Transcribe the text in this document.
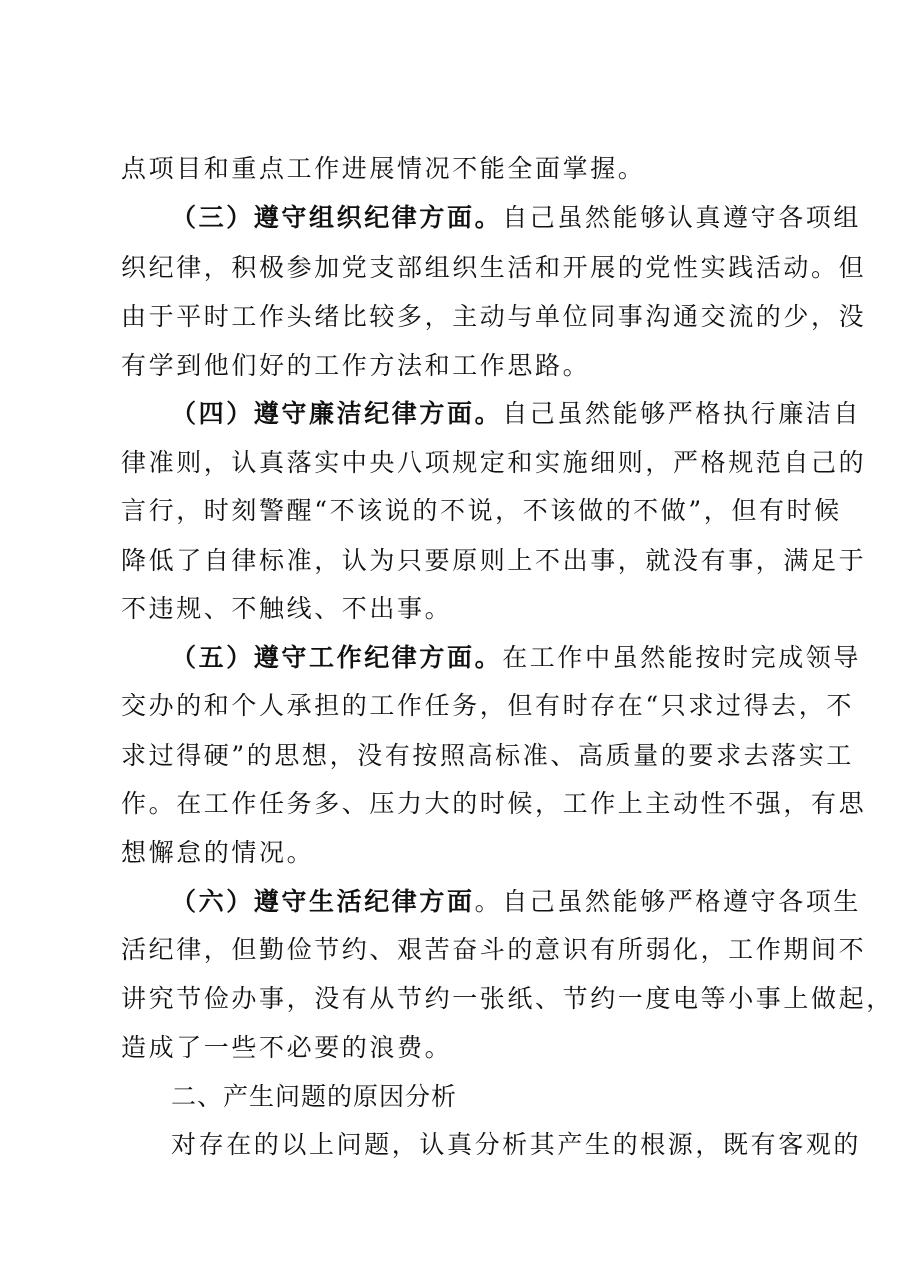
点项目和重点工作进展情况不能全面掌握。
（三）遵守组织纪律方面。自己虽然能够认真遵守各项组
织纪律，积极参加党支部组织生活和开展的党性实践活动。但
由于平时工作头绪比较多，主动与单位同事沟通交流的少，没
有学到他们好的工作方法和工作思路。
（四）遵守廉洁纪律方面。自己虽然能够严格执行廉洁自
律准则，认真落实中央八项规定和实施细则，严格规范自己的
言行，时刻警醒“不该说的不说，不该做的不做”，但有时候
降低了自律标准，认为只要原则上不出事，就没有事，满足于
不违规、不触线、不出事。
（五）遵守工作纪律方面。在工作中虽然能按时完成领导
交办的和个人承担的工作任务，但有时存在“只求过得去，不
求过得硬”的思想，没有按照高标准、高质量的要求去落实工
作。在工作任务多、压力大的时候，工作上主动性不强，有思
想懈怠的情况。
（六）遵守生活纪律方面。自己虽然能够严格遵守各项生
活纪律，但勤俭节约、艰苦奋斗的意识有所弱化，工作期间不
讲究节俭办事，没有从节约一张纸、节约一度电等小事上做起，
造成了一些不必要的浪费。
二、产生问题的原因分析
对存在的以上问题，认真分析其产生的根源，既有客观的
